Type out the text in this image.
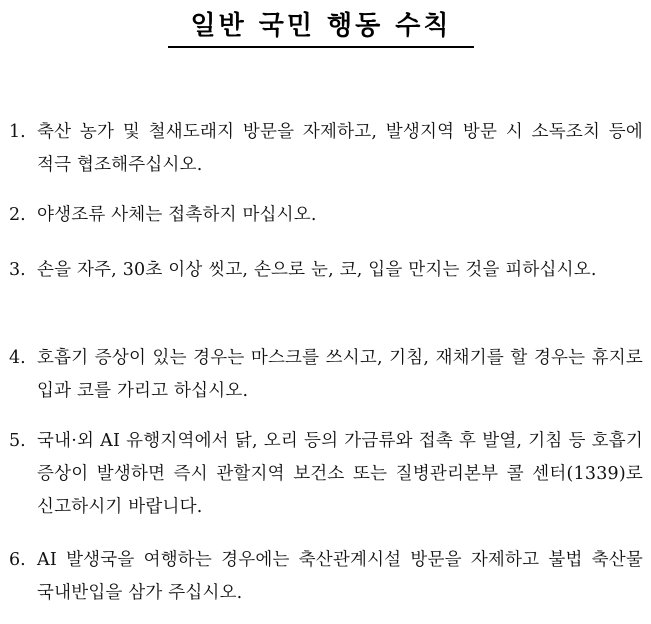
일반 국민 행동 수칙
1. 축산 농가 및 철새도래지 방문을 자제하고, 발생지역 방문 시 소독조치 등에 적극 협조해주십시오.
2. 야생조류 사체는 접촉하지 마십시오.
3. 손을 자주, 30초 이상 씻고, 손으로 눈, 코, 입을 만지는 것을 피하십시오.
4. 호흡기 증상이 있는 경우는 마스크를 쓰시고, 기침, 재채기를 할 경우는 휴지로 입과 코를 가리고 하십시오.
5. 국내·외 AI 유행지역에서 닭, 오리 등의 가금류와 접촉 후 발열, 기침 등 호흡기 증상이 발생하면 즉시 관할지역 보건소 또는 질병관리본부 콜 센터(1339)로 신고하시기 바랍니다.
6. AI 발생국을 여행하는 경우에는 축산관계시설 방문을 자제하고 불법 축산물 국내반입을 삼가 주십시오.
